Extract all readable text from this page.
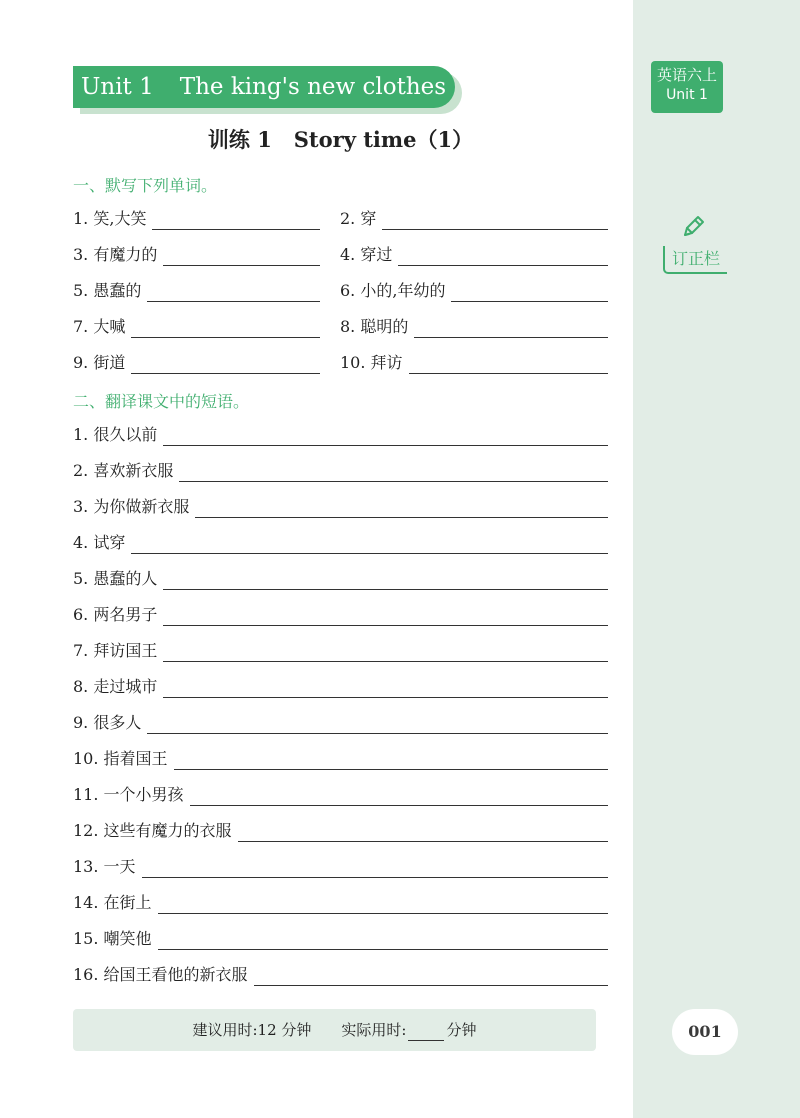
英语六上
Unit 1
订正栏
001
Unit 1 The king's new clothes
训练 1   Story time（1）
一、默写下列单词。
1. 笑,大笑	2. 穿
3. 有魔力的	4. 穿过
5. 愚蠢的	6. 小的,年幼的
7. 大喊	8. 聪明的
9. 街道	10. 拜访
二、翻译课文中的短语。
1. 很久以前
2. 喜欢新衣服
3. 为你做新衣服
4. 试穿
5. 愚蠢的人
6. 两名男子
7. 拜访国王
8. 走过城市
9. 很多人
10. 指着国王
11. 一个小男孩
12. 这些有魔力的衣服
13. 一天
14. 在街上
15. 嘲笑他
16. 给国王看他的新衣服
建议用时:12 分钟 实际用时:	分钟
